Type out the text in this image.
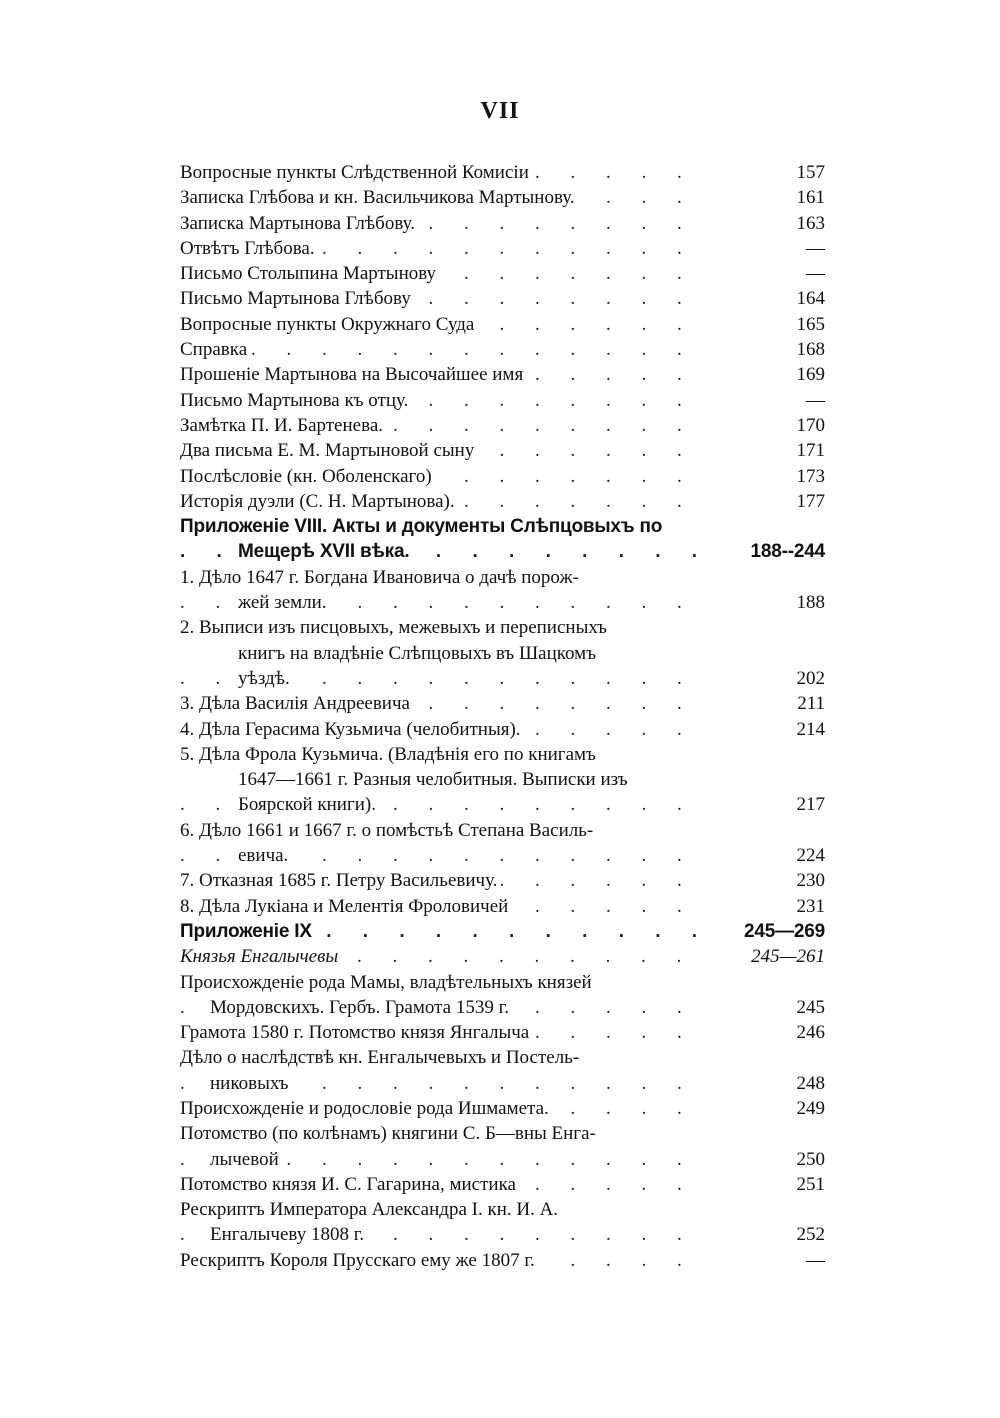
VII
. . . Вопросные пункты Слѣдственной Комисіи	157
. . . Записка Глѣбова и кн. Васильчикова Мартынову.	161
. . . Записка Мартынова Глѣбову.	163
. . . Отвѣтъ Глѣбова.	—
. . . Письмо Столыпина Мартынову	—
. . . Письмо Мартынова Глѣбову	164
. . . Вопросные пункты Окружнаго Суда	165
. . . Справка	168
. . . Прошеніе Мартынова на Высочайшее имя	169
. . . Письмо Мартынова къ отцу.	—
. . . Замѣтка П. И. Бартенева.	170
. . . Два письма Е. М. Мартыновой сыну	171
. . . Послѣсловіе (кн. Оболенскаго)	173
. . . Исторія дуэли (С. Н. Мартынова).	177
Приложеніе VIII. Акты и документы Слѣпцовыхъ по
. . . Мещерѣ XVII вѣка.	188--244
1. Дѣло 1647 г. Богдана Ивановича о дачѣ порож-
. . . жей земли.	188
2. Выписи изъ писцовыхъ, межевыхъ и переписныхъ
книгъ на владѣніе Слѣпцовыхъ въ Шацкомъ
. . . уѣздѣ.	202
. . . 3. Дѣла Василія Андреевича	211
. . . 4. Дѣла Герасима Кузьмича (челобитныя).	214
5. Дѣла Фрола Кузьмича. (Владѣнія его по книгамъ
1647—1661 г. Разныя челобитныя. Выписки изъ
. . . Боярской книги).	217
6. Дѣло 1661 и 1667 г. о помѣстьѣ Степана Василь-
. . . евича.	224
. . . 7. Отказная 1685 г. Петру Васильевичу.	230
. . . 8. Дѣла Лукіана и Мелентія Фроловичей	231
. . . Приложеніе IX	245—269
. . . Князья Енгалычевы	245—261
Происхожденіе рода Мамы, владѣтельныхъ князей
. . . Мордовскихъ. Гербъ. Грамота 1539 г.	245
. . . Грамота 1580 г. Потомство князя Янгалыча	246
Дѣло о наслѣдствѣ кн. Енгалычевыхъ и Постель-
. . . никовыхъ	248
. . . Происхожденіе и родословіе рода Ишмамета.	249
Потомство (по колѣнамъ) княгини С. Б—вны Енга-
. . . лычевой	250
. . . Потомство князя И. С. Гагарина, мистика	251
Рескриптъ Императора Александра I. кн. И. А.
. . . Енгалычеву 1808 г.	252
. . . Рескриптъ Короля Прусскаго ему же 1807 г.	—
